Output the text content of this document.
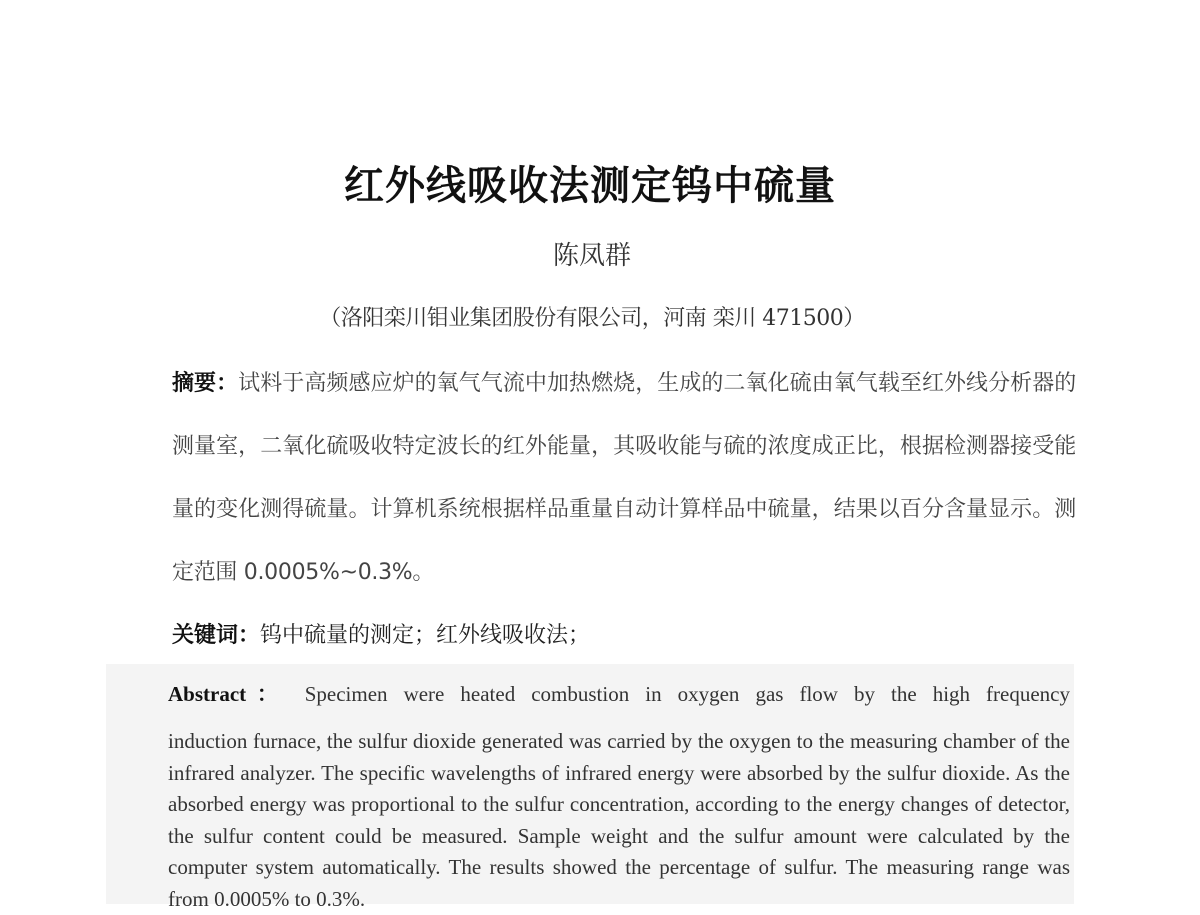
红外线吸收法测定钨中硫量
陈凤群
（洛阳栾川钼业集团股份有限公司，河南 栾川 471500）
摘要：试料于高频感应炉的氧气气流中加热燃烧，生成的二氧化硫由氧气载至红外线分析器的测量室，二氧化硫吸收特定波长的红外能量，其吸收能与硫的浓度成正比，根据检测器接受能量的变化测得硫量。计算机系统根据样品重量自动计算样品中硫量，结果以百分含量显示。测定范围 0.0005%~0.3%。
关键词：钨中硫量的测定；红外线吸收法；
Abstract： Specimen were heated combustion in oxygen gas flow by the high frequency
induction furnace, the sulfur dioxide generated was carried by the oxygen to the measuring chamber of the infrared analyzer. The specific wavelengths of infrared energy were absorbed by the sulfur dioxide. As the absorbed energy was proportional to the sulfur concentration, according to the energy changes of detector, the sulfur content could be measured. Sample weight and the sulfur amount were calculated by the computer system automatically. The results showed the percentage of sulfur. The measuring range was from 0.0005% to 0.3%.
